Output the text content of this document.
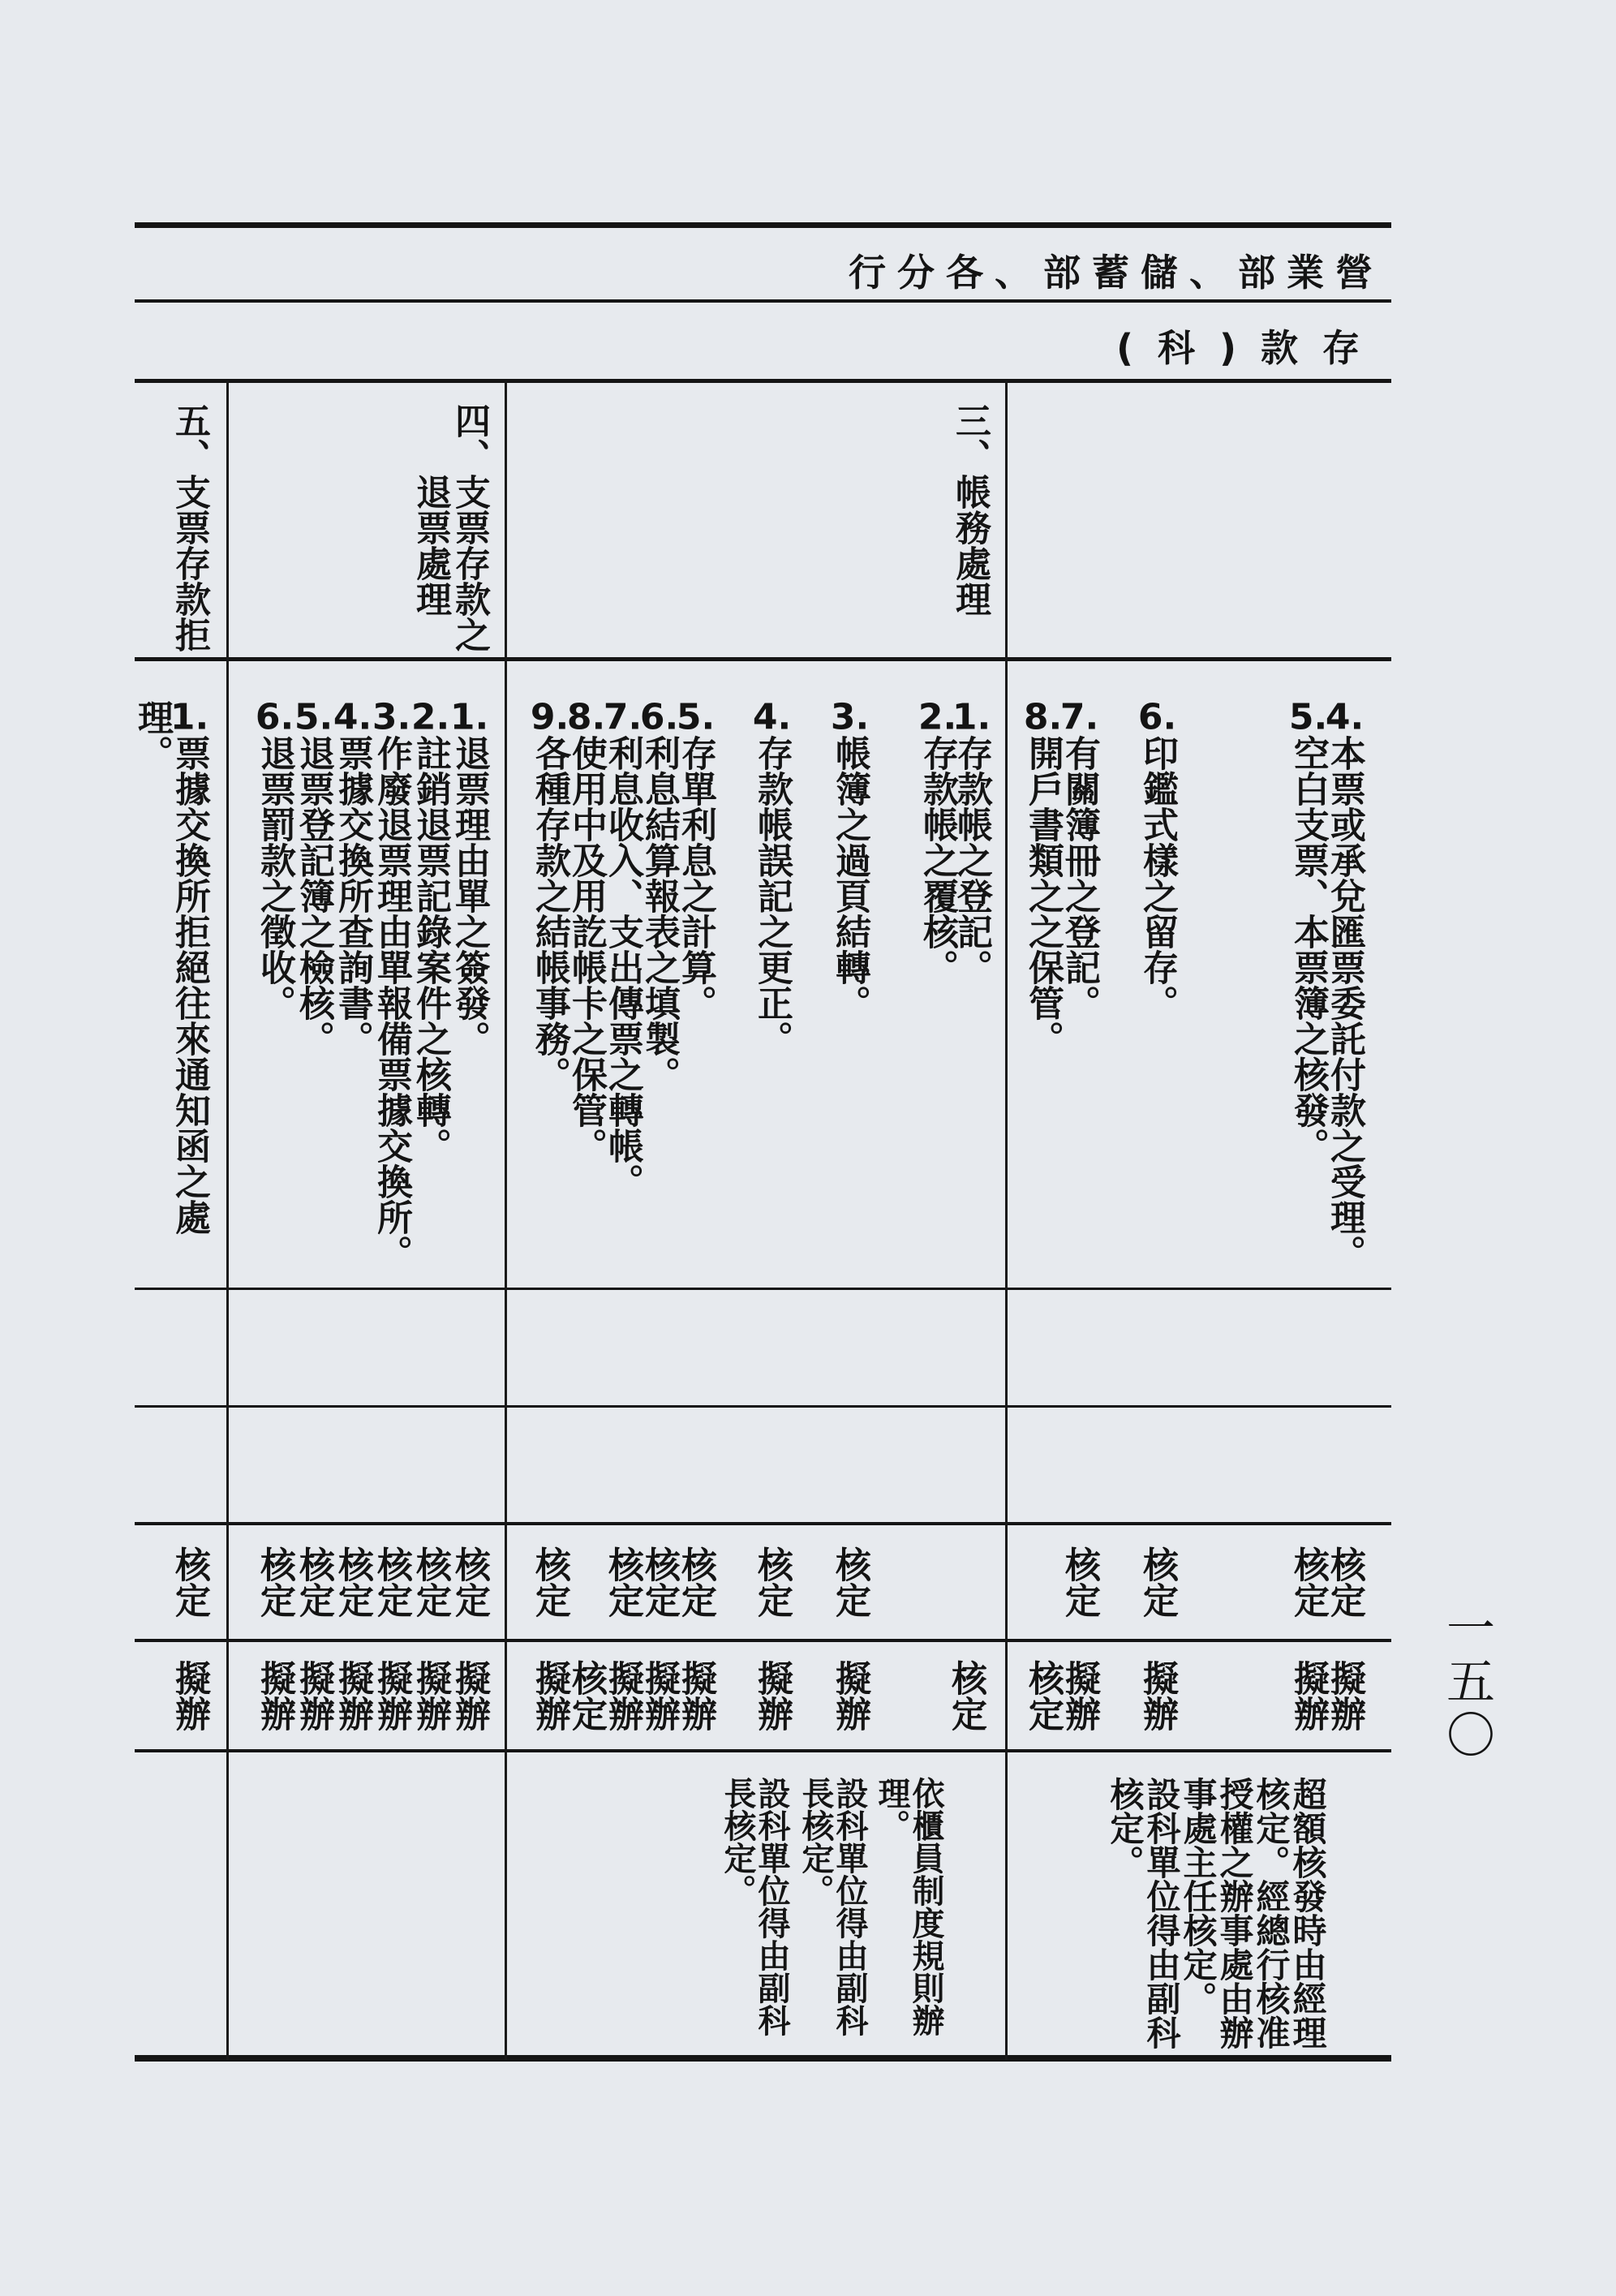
營業部、儲蓄部、各分行
存款(科)
4.本票或承兌匯票委託付款之受理。
核定
擬辦
5.空白支票、本票簿之核發。
核定
擬辦
6.印鑑式樣之留存。
核定
擬辦
7.有關簿冊之登記。
核定
擬辦
8.開戶書類之之保管。
核定
超額核發時由經理核定。經總行核准授權之辦事處由辦事處主任核定。
設科單位得由副科核定。
三、帳務處理
1.存款帳之登記。
核定
2.存款帳之覆核。
3.帳簿之過頁結轉。
核定
擬辦
4.存款帳誤記之更正。
核定
擬辦
5.存單利息之計算。
核定
擬辦
6.利息結算報表之填製。
核定
擬辦
7.利息收入、支出傳票之轉帳。
核定
擬辦
8.使用中及用訖帳卡之保管。
核定
9.各種存款之結帳事務。
核定
擬辦
依櫃員制度規則辦理。
設科單位得由副科長核定。
設科單位得由副科長核定。
四、支票存款之
退票處理
1.退票理由單之簽發。
核定
擬辦
2.註銷退票記錄案件之核轉。
核定
擬辦
3.作廢退票理由單報備票據交換所。
核定
擬辦
4.票據交換所查詢書。
核定
擬辦
5.退票登記簿之檢核。
核定
擬辦
6.退票罰款之徵收。
核定
擬辦
五、支票存款拒
1.票據交換所拒絕往來通知函之處理。
核定
擬辦	一五〇
